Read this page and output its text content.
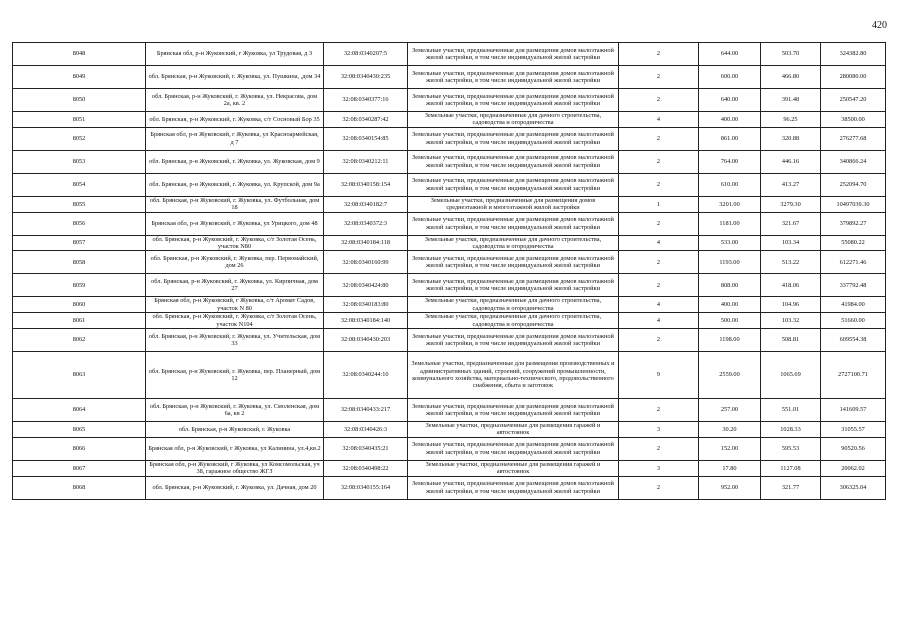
420
8048	Брянская обл, р-н Жуковский, г Жуковка, ул Трудовая, д 3	32:08:0340207:5	Земельные участки, предназначенные для размещения домов малоэтажной жилой застройки, в том числе индивидуальной жилой застройки	2	644.00	503.70	324382.80
8049	обл. Брянская, р-н Жуковский, г. Жуковка, ул. Пушкина, ,дом 34	32:08:0340430:235	Земельные участки, предназначенные для размещения домов малоэтажной жилой застройки, в том числе индивидуальной жилой застройки	2	600.00	466.80	280080.00
8050	обл. Брянская, р-н Жуковский, г. Жуковка, ул. Некрасова, дом 2а, кв. 2	32:08:0340377:16	Земельные участки, предназначенные для размещения домов малоэтажной жилой застройки, в том числе индивидуальной жилой застройки	2	640.00	391.48	250547.20
8051	обл. Брянская, р-н Жуковский, г. Жуковка, с/т Сосновый Бор 35	32:08:0340287:42	Земельные участки, предназначенные для дачного строительства, садоводства и огородничества	4	400.00	96.25	38500.00
8052	Брянская обл, р-н Жуковский, г Жуковка, ул Красноармейская, д 7	32:08:0340154:85	Земельные участки, предназначенные для размещения домов малоэтажной жилой застройки, в том числе индивидуальной жилой застройки	2	861.00	320.88	276277.68
8053	обл. Брянская, р-н Жуковский, г. Жуковка, ул. Жуковская, дом 9	32:08:0340212:11	Земельные участки, предназначенные для размещения домов малоэтажной жилой застройки, в том числе индивидуальной жилой застройки	2	764.00	446.16	340866.24
8054	обл. Брянская, р-н Жуковский, г. Жуковка, ул. Крупской, дом 9а	32:08:0340158:154	Земельные участки, предназначенные для размещения домов малоэтажной жилой застройки, в том числе индивидуальной жилой застройки	2	610.00	413.27	252094.70
8055	обл. Брянская, р-н Жуковский, г. Жуковка, ул. Футбольная, дом 18	32:08:0340182:7	Земельные участки, предназначенные для размещения домов среднеэтажной и многоэтажной жилой застройки	1	3201.00	3279.30	10497039.30
8056	Брянская обл, р-н Жуковский, г Жуковка, ул Урицкого, дом 48	32:08:0340372:3	Земельные участки, предназначенные для размещения домов малоэтажной жилой застройки, в том числе индивидуальной жилой застройки	2	1181.00	321.67	379892.27
8057	обл. Брянская, р-н Жуковский, г. Жуковка, с/т Золотая Осень, участок N80	32:08:0340184:118	Земельные участки, предназначенные для дачного строительства, садоводства и огородничества	4	533.00	103.34	55080.22
8058	обл. Брянская, р-н Жуковский, г. Жуковка, пер. Первомайский, дом 26	32:08:0340160:99	Земельные участки, предназначенные для размещения домов малоэтажной жилой застройки, в том числе индивидуальной жилой застройки	2	1193.00	513.22	612271.46
8059	обл. Брянская, р-н Жуковский, г. Жуковка, ул. Кирпичная, дом 27	32:08:0340424:80	Земельные участки, предназначенные для размещения домов малоэтажной жилой застройки, в том числе индивидуальной жилой застройки	2	808.00	418.06	337792.48
8060	Брянская обл, р-н Жуковский, г Жуковка, с/т Аромат Садов, участок N 80	32:08:0340183:80	Земельные участки, предназначенные для дачного строительства, садоводства и огородничества	4	400.00	104.96	41984.00
8061	обл. Брянская, р-н Жуковский, г. Жуковка, с/т Золотая Осень, участок N104	32:08:0340184:140	Земельные участки, предназначенные для дачного строительства, садоводства и огородничества	4	500.00	103.32	51660.00
8062	обл. Брянская, р-н Жуковский, г. Жуковка, ул. Учительская, дом 33	32:08:0340430:203	Земельные участки, предназначенные для размещения домов малоэтажной жилой застройки, в том числе индивидуальной жилой застройки	2	1198.00	508.81	609554.38
8063	обл. Брянская, р-н Жуковский, г. Жуковка, пер. Планерный, дом 12	32:08:0340244:10	Земельные участки, предназначенные для размещения производственных и административных зданий, строений, сооружений промышленности, коммунального хозяйства, материально-технического, продовольственного снабжения, сбыта и заготовок	9	2559.00	1065.69	2727100.71
8064	обл. Брянская, р-н Жуковский, г. Жуковка, ул. Смоленская, дом 6а, кв 2	32:08:0340433:217	Земельные участки, предназначенные для размещения домов малоэтажной жилой застройки, в том числе индивидуальной жилой застройки	2	257.00	551.01	141609.57
8065	обл. Брянская, р-н Жуковский, г. Жуковка	32:08:0340426:3	Земельные участки, предназначенные для размещения гаражей и автостоянок	3	30.20	1028.33	31055.57
8066	Брянская обл, р-н Жуковский, г Жуковка, ул Калинина, ул.4,кв.2	32:08:0340435:21	Земельные участки, предназначенные для размещения домов малоэтажной жилой застройки, в том числе индивидуальной жилой застройки	2	152.00	595.53	90520.56
8067	Брянская обл, р-н Жуковский, г Жуковка, ул Комсомольская, уч 38, гаражное общество ЖГЗ	32:08:0340498:22	Земельные участки, предназначенные для размещения гаражей и автостоянок	3	17.80	1127.08	20062.02
8068	обл. Брянская, р-н Жуковский, г. Жуковка, ул. Дачная, дом 20	32:08:0340155:164	Земельные участки, предназначенные для размещения домов малоэтажной жилой застройки, в том числе индивидуальной жилой застройки	2	952.00	321.77	306325.04
